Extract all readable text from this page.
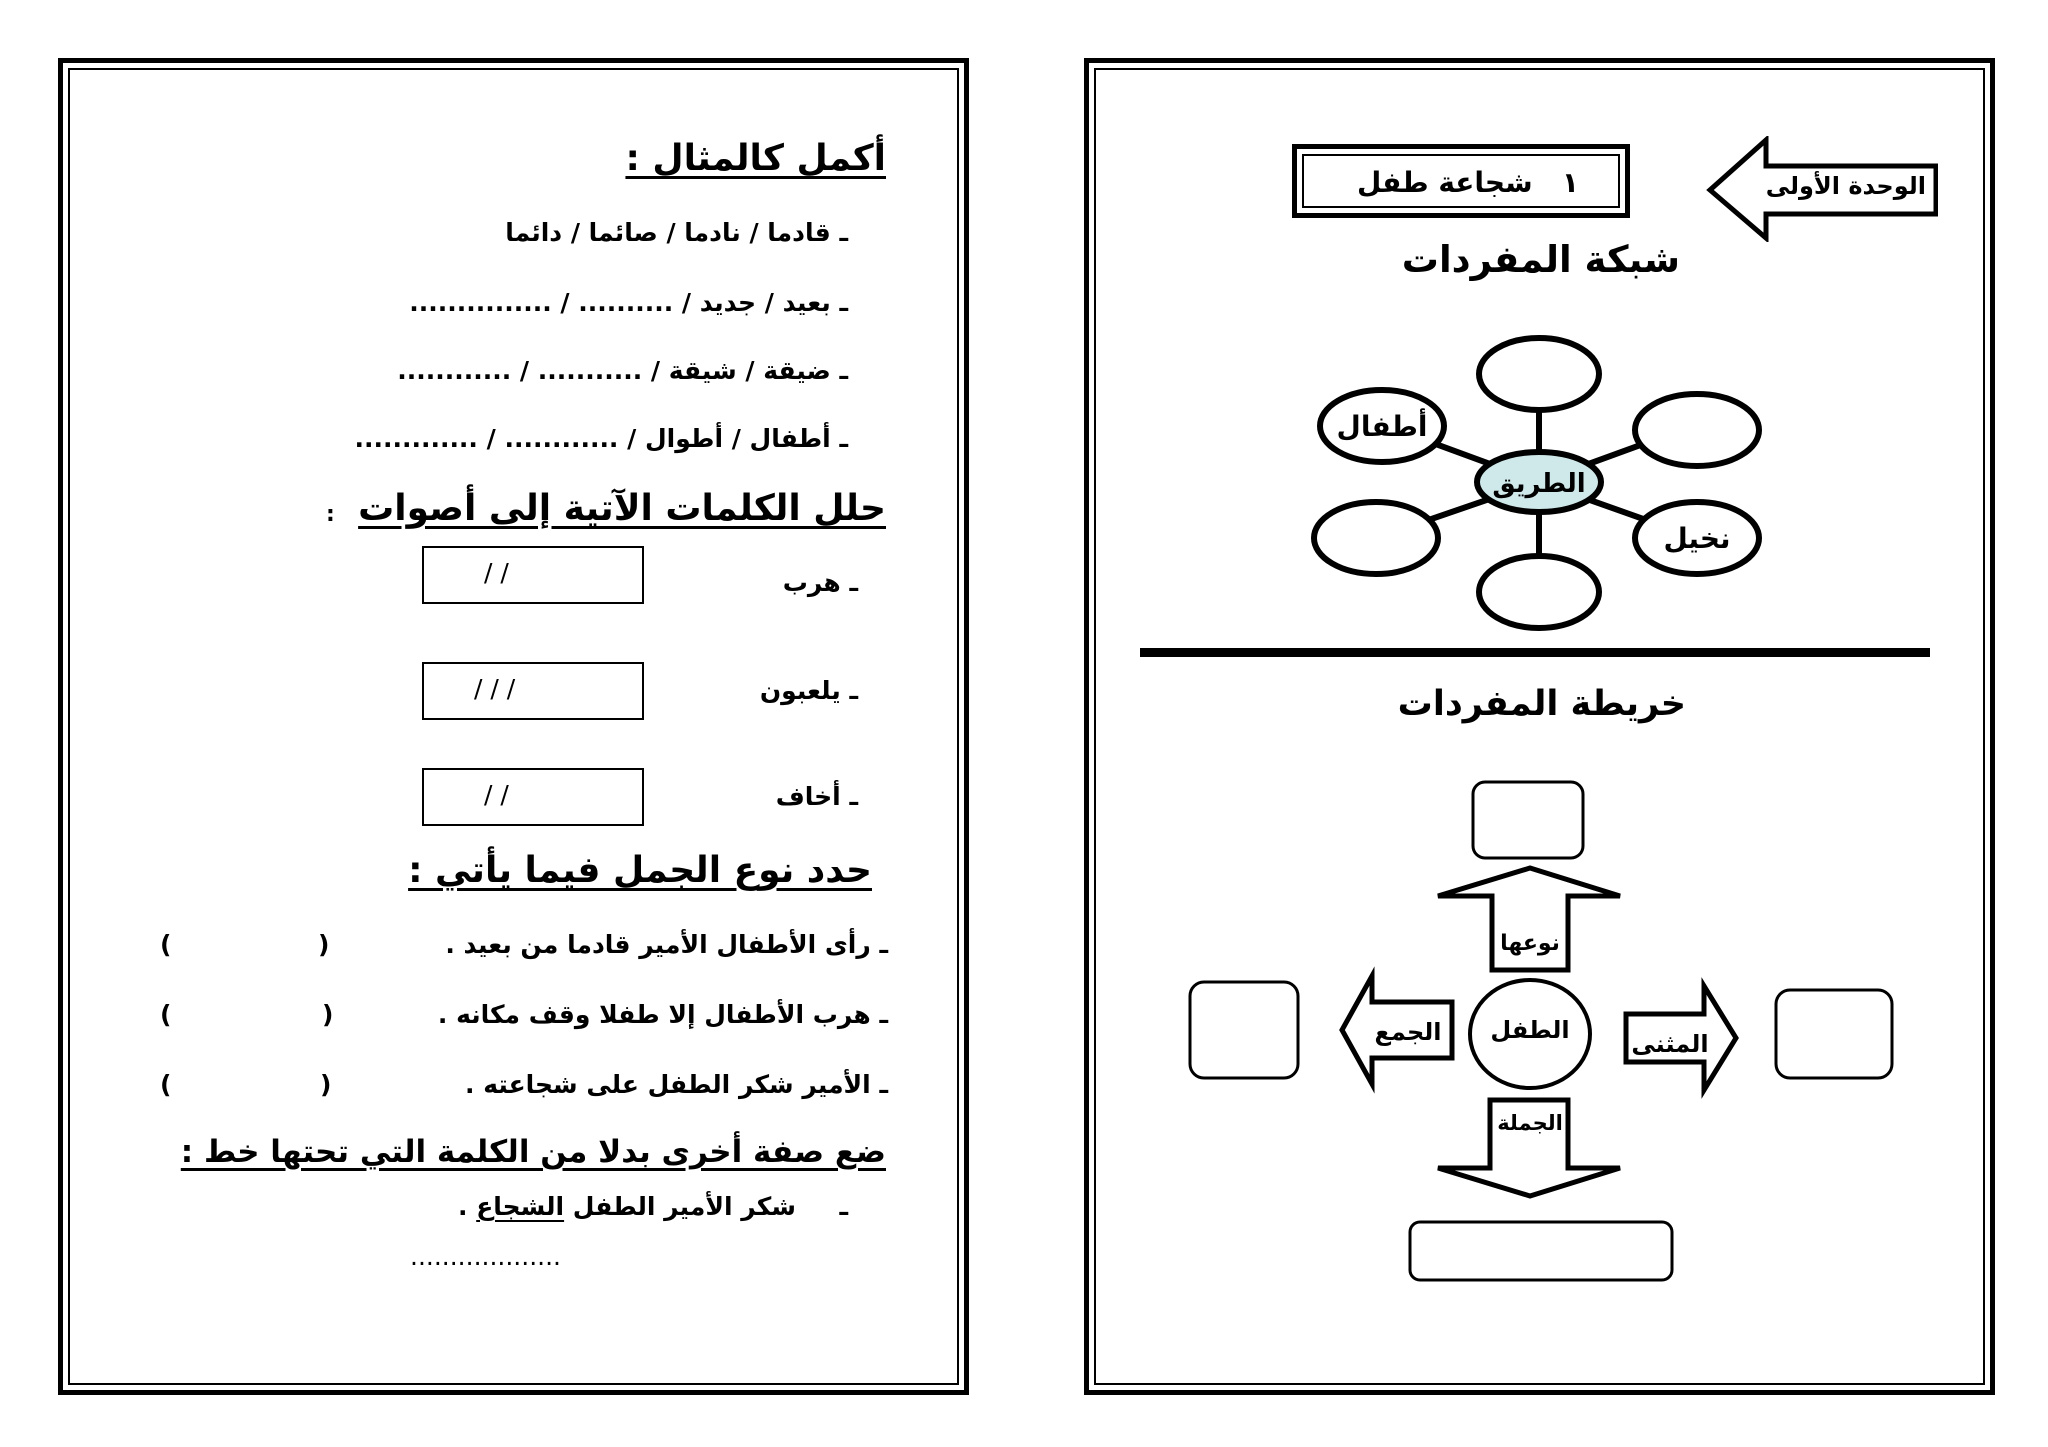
أكمل كالمثال :
ـ قادما / نادما / صائما / دائما
ـ بعيد / جديد / .......... / ...............
ـ ضيقة / شيقة / ........... / ............
ـ أطفال / أطوال / ............ / .............
حلل الكلمات الآتية إلى أصوات
:
ـ هرب
/ /
ـ يلعبون
/ / /
ـ أخاف
/ /
حدد نوع الجمل فيما يأتي :
ـ رأى الأطفال الأمير قادما من بعيد .
(
)
ـ هرب الأطفال إلا طفلا وقف مكانه .
(
)
ـ الأمير شكر الطفل على شجاعته .
(
)
ضع صفة أخرى بدلا من الكلمة التي تحتها خط :
ـ     شكر الأمير الطفل الشجاع .
...................
الوحدة الأولى
١   شجاعة طفل
شبكة المفردات
الطريق
أطفال
نخيل
خريطة المفردات
الطفل
نوعها
الجملة
الجمع	المثنى
